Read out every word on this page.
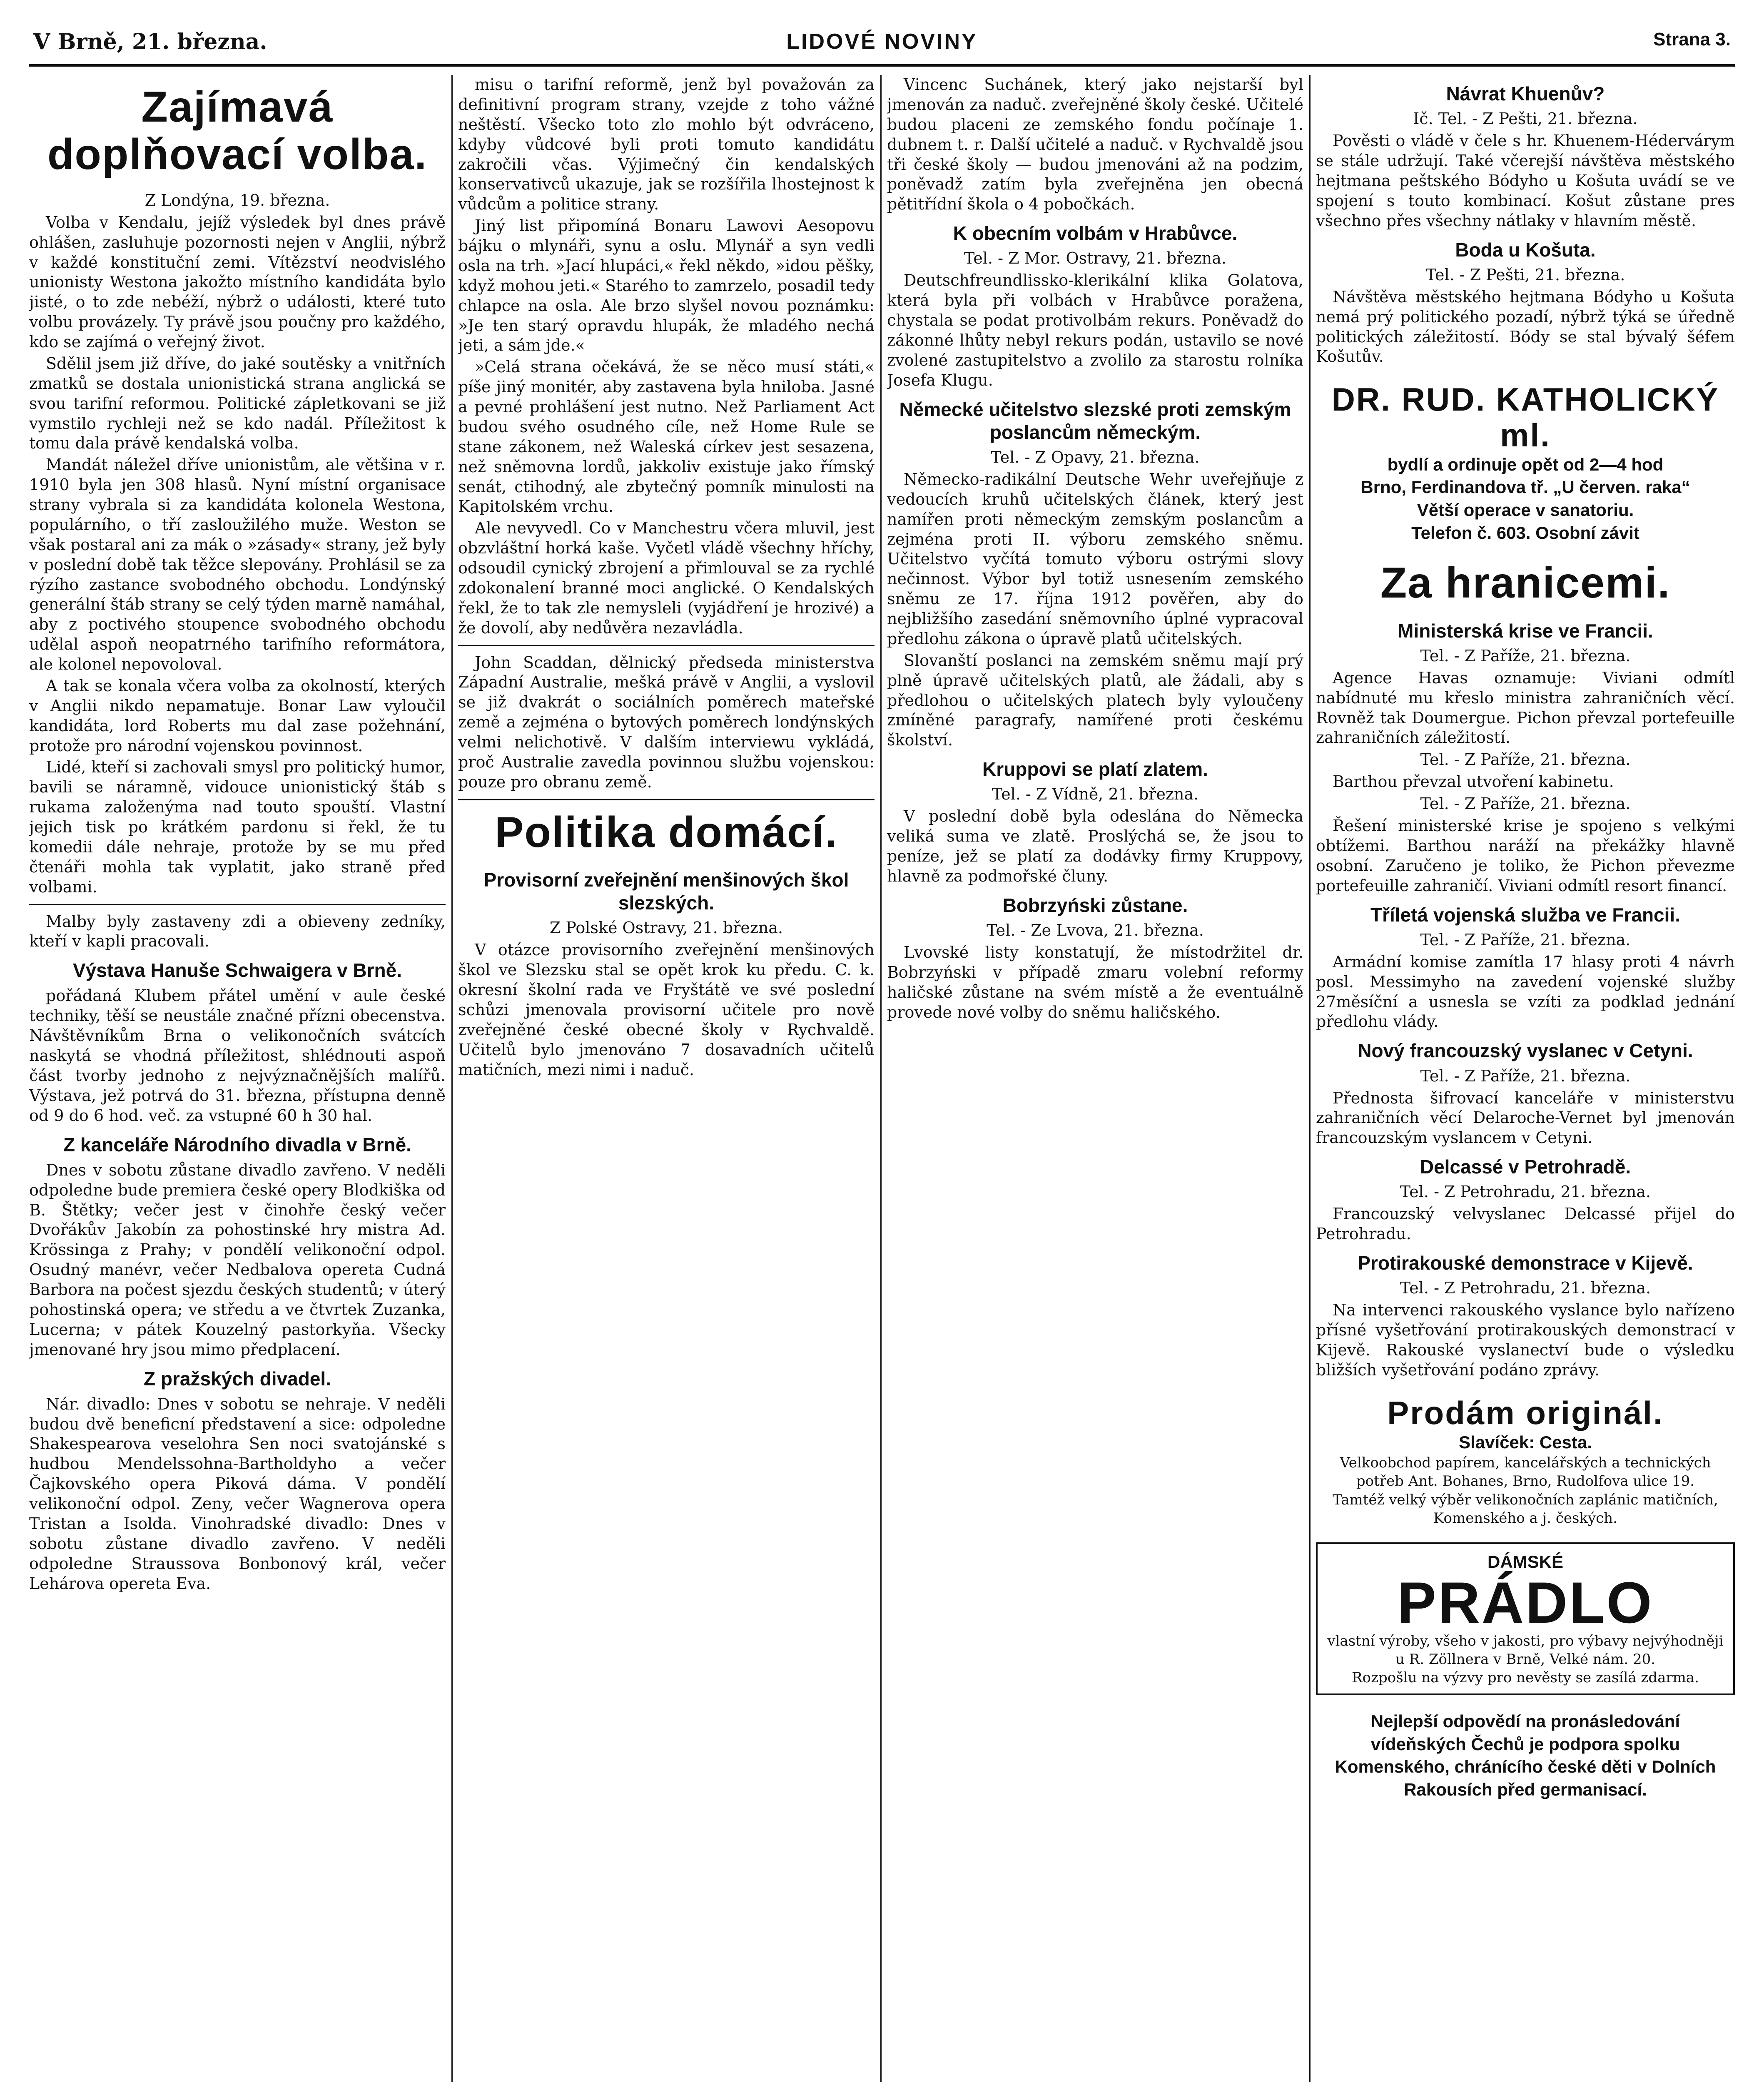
V Brně, 21. března.	LIDOVÉ NOVINY	Strana 3.
Zajímavá doplňovací volba.
Z Londýna, 19. března.

Volba v Kendalu, jejíž výsledek byl dnes právě ohlášen, zasluhuje pozornosti nejen v Anglii, nýbrž v každé konstituční zemi. Vítězství neodvislého unionisty Westona jakožto místního kandidáta bylo jisté, o to zde nebéží, nýbrž o události, které tuto volbu provázely. Ty právě jsou poučny pro každého, kdo se zajímá o veřejný život.

Sdělil jsem již dříve, do jaké soutěsky a vnitřních zmatků se dostala unionistická strana anglická se svou tarifní reformou. Politické zápletkovani se již vymstilo rychleji než se kdo nadál. Příležitost k tomu dala právě kendalská volba.

Mandát náležel dříve unionistům, ale většina v r. 1910 byla jen 308 hlasů. Nyní místní organisace strany vybrala si za kandidáta kolonela Westona, populárního, o tří zasloužilého muže. Weston se však postaral ani za mák o »zásady« strany, jež byly v poslední době tak těžce slepovány. Prohlásil se za rýzího zastance svobodného obchodu. Londýnský generální štáb strany se celý týden marně namáhal, aby z poctivého stoupence svobodného obchodu udělal aspoň neopatrného tarifního reformátora, ale kolonel nepovoloval.

A tak se konala včera volba za okolností, kterých v Anglii nikdo nepamatuje. Bonar Law vyloučil kandidáta, lord Roberts mu dal zase požehnání, protože pro národní vojenskou povinnost.

Lidé, kteří si zachovali smysl pro politický humor, bavili se náramně, vidouce unionistický štáb s rukama založenýma nad touto spouští. Vlastní jejich tisk po krátkém pardonu si řekl, že tu komedii dále nehraje, protože by se mu před čtenáři mohla tak vyplatit, jako straně před volbami.

Malby byly zastaveny zdi a obieveny zedníky, kteří v kapli pracovali.

Výstava Hanuše Schwaigera v Brně.

pořádaná Klubem přátel umění v aule české techniky, těší se neustále značné přízni obecenstva. Návštěvníkům Brna o velikonočních svátcích naskytá se vhodná příležitost, shlédnouti aspoň část tvorby jednoho z nejvýznačnějších malířů. Výstava, jež potrvá do 31. března, přístupna denně od 9 do 6 hod. več. za vstupné 60 h 30 hal.

Z kanceláře Národního divadla v Brně.

Dnes v sobotu zůstane divadlo zavřeno. V neděli odpoledne bude premiera české opery Blodkiška od B. Štětky; večer jest v činohře český večer Dvořákův Jakobín za pohostinské hry mistra Ad. Krössinga z Prahy; v pondělí velikonoční odpol. Osudný manévr, večer Nedbalova opereta Cudná Barbora na počest sjezdu českých studentů; v úterý pohostinská opera; ve středu a ve čtvrtek Zuzanka, Lucerna; v pátek Kouzelný pastorkyňa. Všecky jmenované hry jsou mimo předplacení.

Z pražských divadel.

Nár. divadlo: Dnes v sobotu se nehraje. V neděli budou dvě beneficní představení a sice: odpoledne Shakespearova veselohra Sen noci svatojánské s hudbou Mendelssohna-Bartholdyho a večer Čajkovského opera Piková dáma. V pondělí velikonoční odpol. Zeny, večer Wagnerova opera Tristan a Isolda. Vinohradské divadlo: Dnes v sobotu zůstane divadlo zavřeno. V neděli odpoledne Straussova Bonbonový král, večer Lehárova opereta Eva.

misu o tarifní reformě, jenž byl považován za definitivní program strany, vzejde z toho vážné neštěstí. Všecko toto zlo mohlo být odvráceno, kdyby vůdcové byli proti tomuto kandidátu zakročili včas. Výjimečný čin kendalských konservativců ukazuje, jak se rozšířila lhostejnost k vůdcům a politice strany.

Jiný list připomíná Bonaru Lawovi Aesopovu bájku o mlynáři, synu a oslu. Mlynář a syn vedli osla na trh. »Jací hlupáci,« řekl někdo, »idou pěšky, když mohou jeti.« Starého to zamrzelo, posadil tedy chlapce na osla. Ale brzo slyšel novou poznámku: »Je ten starý opravdu hlupák, že mladého nechá jeti, a sám jde.«

»Celá strana očekává, že se něco musí státi,« píše jiný monitér, aby zastavena byla hniloba. Jasné a pevné prohlášení jest nutno. Než Parliament Act budou svého osudného cíle, než Home Rule se stane zákonem, než Waleská církev jest sesazena, než sněmovna lordů, jakkoliv existuje jako římský senát, ctihodný, ale zbytečný pomník minulosti na Kapitolském vrchu.

Ale nevyvedl. Co v Manchestru včera mluvil, jest obzvláštní horká kaše. Vyčetl vládě všechny hříchy, odsoudil cynický zbrojení a přimlouval se za rychlé zdokonalení branné moci anglické. O Kendalských řekl, že to tak zle nemysleli (vyjádření je hrozivé) a že dovolí, aby nedůvěra nezavládla.

John Scaddan, dělnický předseda ministerstva Západní Australie, mešká právě v Anglii, a vyslovil se již dvakrát o sociálních poměrech mateřské země a zejména o bytových poměrech londýnských velmi nelichotivě. V dalším interviewu vykládá, proč Australie zavedla povinnou službu vojenskou: pouze pro obranu země.

Politika domácí.
Provisorní zveřejnění menšinových škol slezských.
Z Polské Ostravy, 21. března.

V otázce provisorního zveřejnění menšinových škol ve Slezsku stal se opět krok ku předu. C. k. okresní školní rada ve Fryštátě ve své poslední schůzi jmenovala provisorní učitele pro nově zveřejněné české obecné školy v Rychvaldě. Učitelů bylo jmenováno 7 dosavadních učitelů matičních, mezi nimi i naduč.

Vincenc Suchánek, který jako nejstarší byl jmenován za naduč. zveřejněné školy české. Učitelé budou placeni ze zemského fondu počínaje 1. dubnem t. r. Další učitelé a naduč. v Rychvaldě jsou tři české školy — budou jmenováni až na podzim, poněvadž zatím byla zveřejněna jen obecná pětitřídní škola o 4 pobočkách.

K obecním volbám v Hrabůvce.
Tel. - Z Mor. Ostravy, 21. března.

Deutschfreundlissko-klerikální klika Golatova, která byla při volbách v Hrabůvce poražena, chystala se podat protivolbám rekurs. Poněvadž do zákonné lhůty nebyl rekurs podán, ustavilo se nové zvolené zastupitelstvo a zvolilo za starostu rolníka Josefa Klugu.

Německé učitelstvo slezské proti zemským poslancům německým.
Tel. - Z Opavy, 21. března.

Německo-radikální Deutsche Wehr uveřejňuje z vedoucích kruhů učitelských článek, který jest namířen proti německým zemským poslancům a zejména proti II. výboru zemského sněmu. Učitelstvo vyčítá tomuto výboru ostrými slovy nečinnost. Výbor byl totiž usnesením zemského sněmu ze 17. října 1912 pověřen, aby do nejbližšího zasedání sněmovního úplné vypracoval předlohu zákona o úpravě platů učitelských.

Slovanští poslanci na zemském sněmu mají prý plně úpravě učitelských platů, ale žádali, aby s předlohou o učitelských platech byly vyloučeny zmíněné paragrafy, namířené proti českému školství.

Kruppovi se platí zlatem.
Tel. - Z Vídně, 21. března.

V poslední době byla odeslána do Německa veliká suma ve zlatě. Proslýchá se, že jsou to peníze, jež se platí za dodávky firmy Kruppovy, hlavně za podmořské čluny.

Bobrzyński zůstane.
Tel. - Ze Lvova, 21. března.

Lvovské listy konstatují, že místodržitel dr. Bobrzyński v případě zmaru volební reformy haličské zůstane na svém místě a že eventuálně provede nové volby do sněmu haličského.

Návrat Khuenův?
Ič. Tel. - Z Pešti, 21. března.

Pověsti o vládě v čele s hr. Khuenem-Hédervárym se stále udržují. Také včerejší návštěva městského hejtmana peštského Bódyho u Košuta uvádí se ve spojení s touto kombinací. Košut zůstane pres všechno přes všechny nátlaky v hlavním městě.

Boda u Košuta.
Tel. - Z Pešti, 21. března.

Návštěva městského hejtmana Bódyho u Košuta nemá prý politického pozadí, nýbrž týká se úředně politických záležitostí. Bódy se stal bývalý šéfem Košutův.

DR. RUD. KATHOLICKÝ ml.
bydlí a ordinuje opět od 2—4 hod
Brno, Ferdinandova tř. „U červen. raka“
Větší operace v sanatoriu.
Telefon č. 603. Osobní závit
Za hranicemi.
Ministerská krise ve Francii.
Tel. - Z Paříže, 21. března.

Agence Havas oznamuje: Viviani odmítl nabídnuté mu křeslo ministra zahraničních věcí. Rovněž tak Doumergue. Pichon převzal portefeuille zahraničních záležitostí.

Tel. - Z Paříže, 21. března.

Barthou převzal utvoření kabinetu.

Tel. - Z Paříže, 21. března.

Řešení ministerské krise je spojeno s velkými obtížemi. Barthou naráží na překážky hlavně osobní. Zaručeno je toliko, že Pichon převezme portefeuille zahraničí. Viviani odmítl resort financí.

Tříletá vojenská služba ve Francii.
Tel. - Z Paříže, 21. března.

Armádní komise zamítla 17 hlasy proti 4 návrh posl. Messimyho na zavedení vojenské služby 27měsíční a usnesla se vzíti za podklad jednání předlohu vlády.

Nový francouzský vyslanec v Cetyni.
Tel. - Z Paříže, 21. března.

Přednosta šifrovací kanceláře v ministerstvu zahraničních věcí Delaroche-Vernet byl jmenován francouzským vyslancem v Cetyni.

Delcassé v Petrohradě.
Tel. - Z Petrohradu, 21. března.

Francouzský velvyslanec Delcassé přijel do Petrohradu.

Protirakouské demonstrace v Kijevě.
Tel. - Z Petrohradu, 21. března.

Na intervenci rakouského vyslance bylo nařízeno přísné vyšetřování protirakouských demonstrací v Kijevě. Rakouské vyslanectví bude o výsledku bližších vyšetřování podáno zprávy.

Prodám originál.
Slavíček: Cesta.
Velkoobchod papírem, kancelářských a technických potřeb Ant. Bohanes, Brno, Rudolfova ulice 19.
Tamtéž velký výběr velikonočních zaplánic matičních, Komenského a j. českých.
DÁMSKÉ
PRÁDLO
vlastní výroby, všeho v jakosti, pro výbavy nejvýhodněji u R. Zöllnera v Brně, Velké nám. 20.
Rozpošlu na výzvy pro nevěsty se zasílá zdarma.
Nejlepší odpovědí na pronásledování vídeňských Čechů je podpora spolku Komenského, chránícího české děti v Dolních Rakousích před germanisací.
